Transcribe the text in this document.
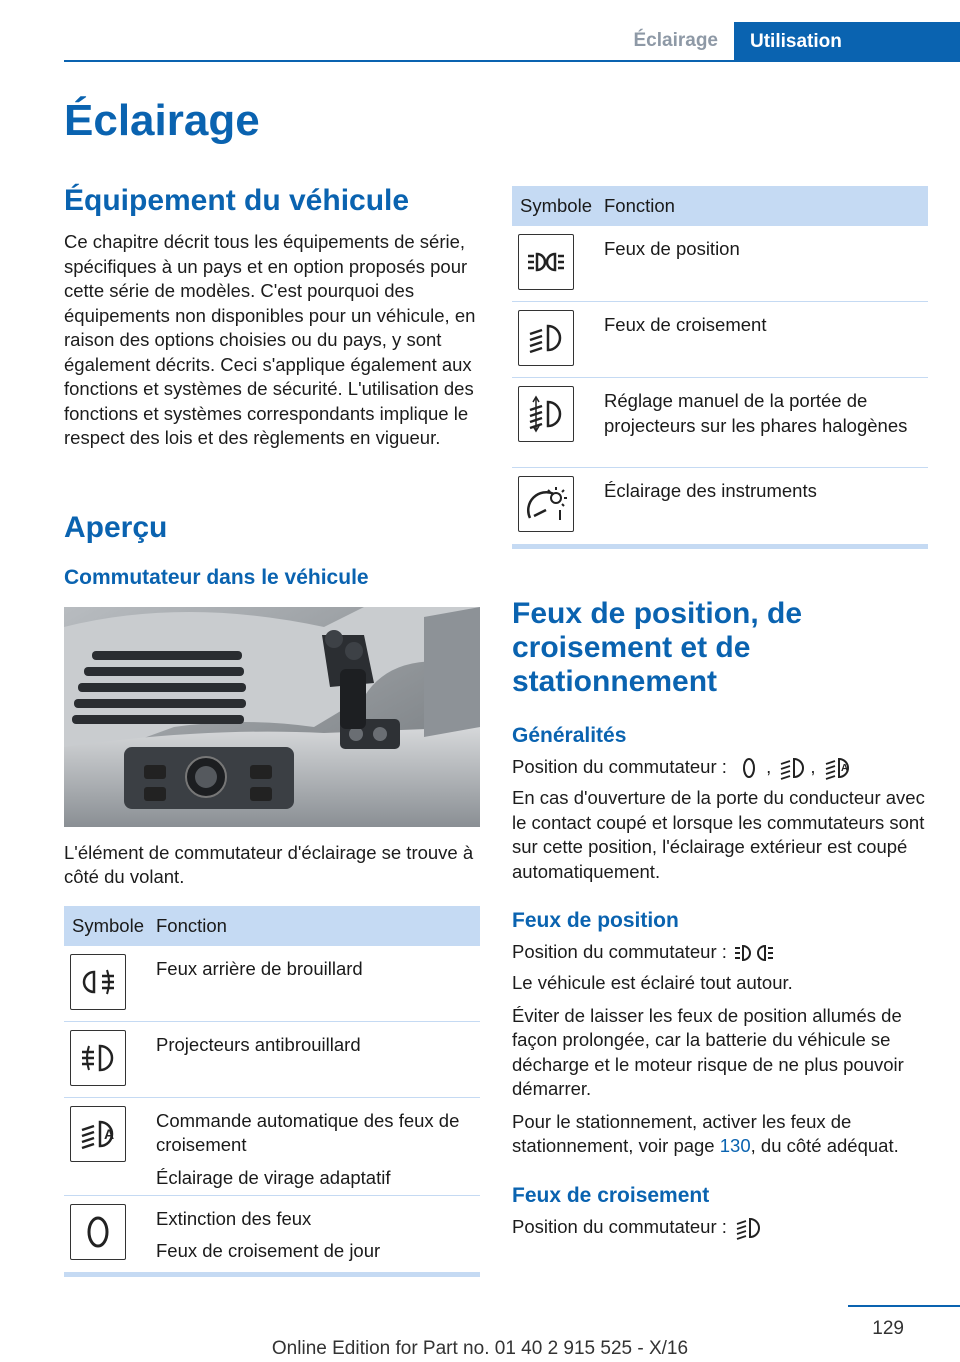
Éclairage	Utilisation
Éclairage
Équipement du véhicule
Ce chapitre décrit tous les équipements de série, spécifiques à un pays et en option proposés pour cette série de modèles. C'est pourquoi des équipements non disponibles pour un véhicule, en raison des options choisies ou du pays, y sont également décrits. Ceci s'applique également aux fonctions et systèmes de sécurité. L'utilisation des fonctions et systèmes correspondants implique le respect des lois et des règlements en vigueur.
Aperçu
Commutateur dans le véhicule
L'élément de commutateur d'éclairage se trouve à côté du volant.
Symbole Fonction
Feux arrière de brouillard
Projecteurs antibrouillard
A
Commande automatique des feux de croisement
Éclairage de virage adaptatif
Extinction des feux
Feux de croisement de jour
Symbole Fonction
Feux de position
Feux de croisement
Réglage manuel de la portée de projecteurs sur les phares halogènes
Éclairage des instruments
Feux de position, de croisement et de stationnement
Généralités
Position du commutateur : , ,	A
En cas d'ouverture de la porte du conducteur avec le contact coupé et lorsque les commutateurs sont sur cette position, l'éclairage extérieur est coupé automatiquement.
Feux de position
Position du commutateur :
Le véhicule est éclairé tout autour.
Éviter de laisser les feux de position allumés de façon prolongée, car la batterie du véhicule se décharge et le moteur risque de ne plus pouvoir démarrer.
Pour le stationnement, activer les feux de stationnement, voir page 130, du côté adéquat.
Feux de croisement
Position du commutateur :
129
Online Edition for Part no. 01 40 2 915 525 - X/16
